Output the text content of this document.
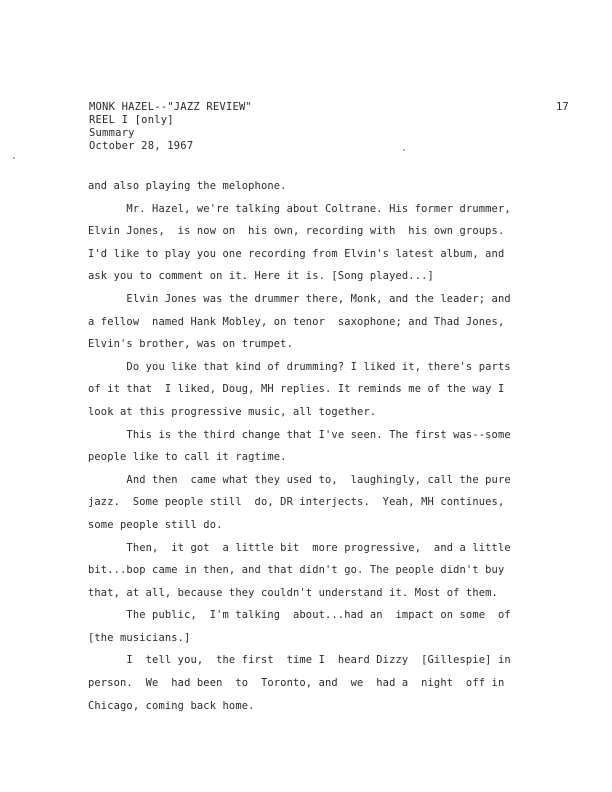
MONK HAZEL--"JAZZ REVIEW"
REEL I [only]
Summary
October 28, 1967
17
and also playing the melophone.
Mr. Hazel, we're talking about Coltrane. His former drummer,
Elvin Jones,  is now on  his own, recording with  his own groups.
I'd like to play you one recording from Elvin's latest album, and
ask you to comment on it. Here it is. [Song played...]
Elvin Jones was the drummer there, Monk, and the leader; and
a fellow  named Hank Mobley, on tenor  saxophone; and Thad Jones,
Elvin's brother, was on trumpet.
Do you like that kind of drumming? I liked it, there's parts
of it that  I liked, Doug, MH replies. It reminds me of the way I
look at this progressive music, all together.
This is the third change that I've seen. The first was--some
people like to call it ragtime.
And then  came what they used to,  laughingly, call the pure
jazz.  Some people still  do, DR interjects.  Yeah, MH continues,
some people still do.
Then,  it got  a little bit  more progressive,  and a little
bit...bop came in then, and that didn't go. The people didn't buy
that, at all, because they couldn't understand it. Most of them.
The public,  I'm talking  about...had an  impact on some  of
[the musicians.]
I  tell you,  the first  time I  heard Dizzy  [Gillespie] in
person.  We  had been  to  Toronto, and  we  had a  night  off in
Chicago, coming back home.
